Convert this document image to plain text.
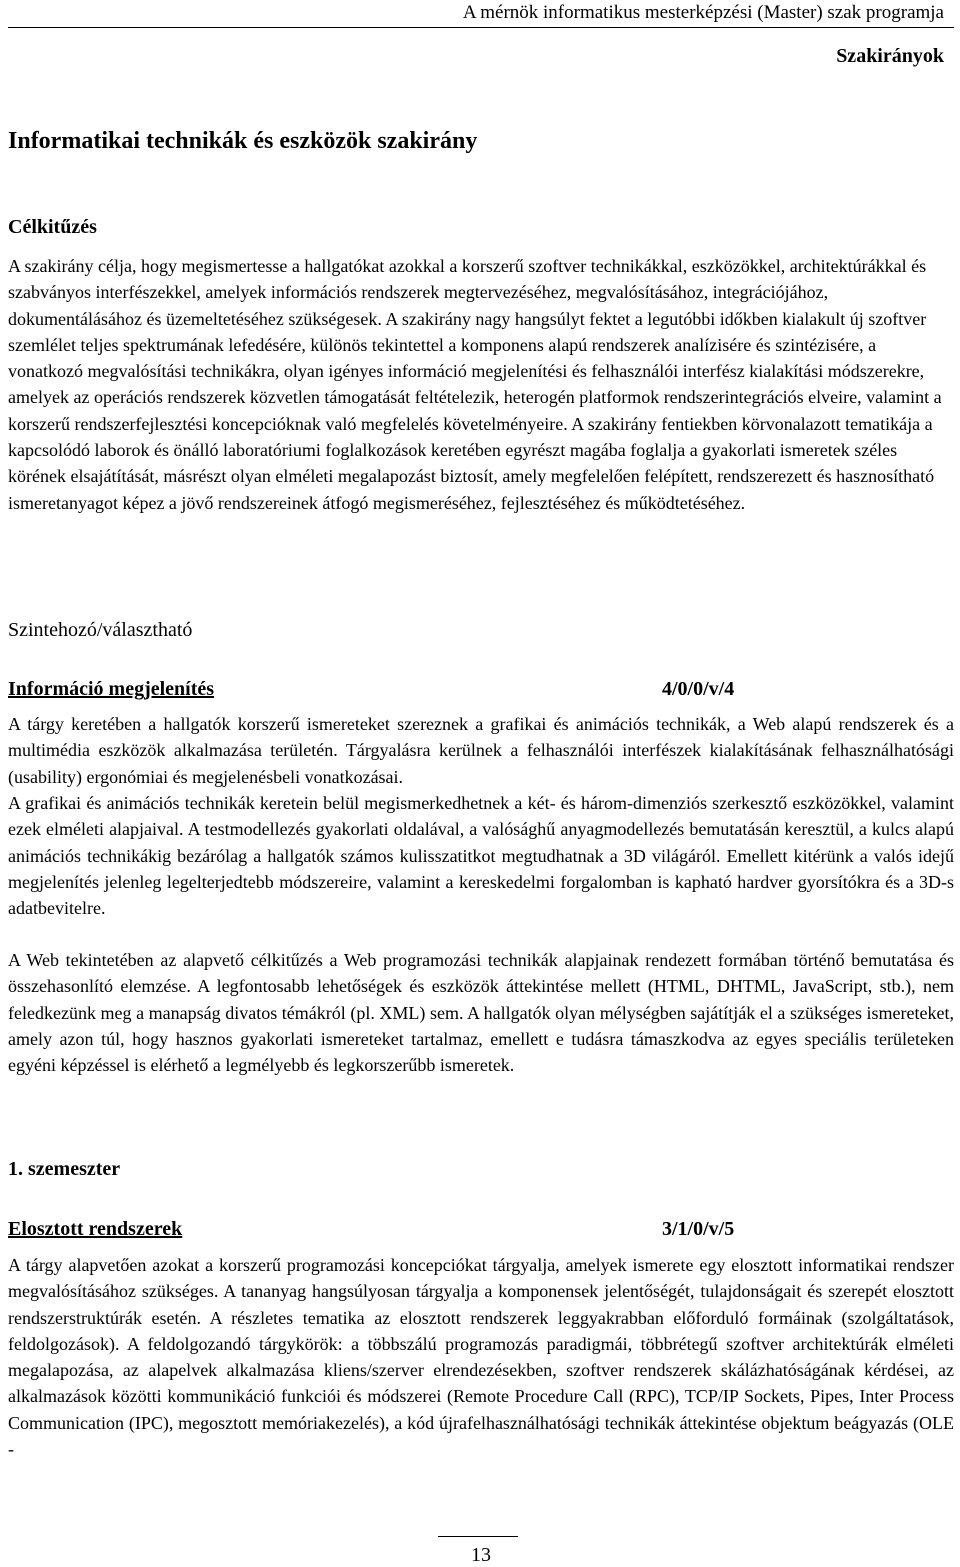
A mérnök informatikus mesterképzési (Master) szak programja
Szakirányok
Informatikai technikák és eszközök szakirány
Célkitűzés

A szakirány célja, hogy megismertesse a hallgatókat azokkal a korszerű szoftver technikákkal, eszközökkel, architektúrákkal és szabványos interfészekkel, amelyek információs rendszerek megtervezéséhez, megvalósításához, integrációjához, dokumentálásához és üzemeltetéséhez szükségesek. A szakirány nagy hangsúlyt fektet a legutóbbi időkben kialakult új szoftver szemlélet teljes spektrumának lefedésére, különös tekintettel a komponens alapú rendszerek analízisére és szintézisére, a vonatkozó megvalósítási technikákra, olyan igényes információ megjelenítési és felhasználói interfész kialakítási módszerekre, amelyek az operációs rendszerek közvetlen támogatását feltételezik, heterogén platformok rendszerintegrációs elveire, valamint a korszerű rendszerfejlesztési koncepcióknak való megfelelés követelményeire. A szakirány fentiekben körvonalazott tematikája a kapcsolódó laborok és önálló laboratóriumi foglalkozások keretében egyrészt magába foglalja a gyakorlati ismeretek széles körének elsajátítását, másrészt olyan elméleti megalapozást biztosít, amely megfelelően felépített, rendszerezett és hasznosítható ismeretanyagot képez a jövő rendszereinek átfogó megismeréséhez, fejlesztéséhez és működtetéséhez.

Szintehozó/választható
Információ megjelenítés	4/0/0/v/4

A tárgy keretében a hallgatók korszerű ismereteket szereznek a grafikai és animációs technikák, a Web alapú rendszerek és a multimédia eszközök alkalmazása területén. Tárgyalásra kerülnek a felhasználói interfészek kialakításának felhasználhatósági (usability) ergonómiai és megjelenésbeli vonatkozásai.

A grafikai és animációs technikák keretein belül megismerkedhetnek a két- és három-dimenziós szerkesztő eszközökkel, valamint ezek elméleti alapjaival. A testmodellezés gyakorlati oldalával, a valósághű anyagmodellezés bemutatásán keresztül, a kulcs alapú animációs technikákig bezárólag a hallgatók számos kulisszatitkot megtudhatnak a 3D világáról. Emellett kitérünk a valós idejű megjelenítés jelenleg legelterjedtebb módszereire, valamint a kereskedelmi forgalomban is kapható hardver gyorsítókra és a 3D-s adatbevitelre.

A Web tekintetében az alapvető célkitűzés a Web programozási technikák alapjainak rendezett formában történő bemutatása és összehasonlító elemzése. A legfontosabb lehetőségek és eszközök áttekintése mellett (HTML, DHTML, JavaScript, stb.), nem feledkezünk meg a manapság divatos témákról (pl. XML) sem. A hallgatók olyan mélységben sajátítják el a szükséges ismereteket, amely azon túl, hogy hasznos gyakorlati ismereteket tartalmaz, emellett e tudásra támaszkodva az egyes speciális területeken egyéni képzéssel is elérhető a legmélyebb és legkorszerűbb ismeretek.

1. szemeszter
Elosztott rendszerek	3/1/0/v/5

A tárgy alapvetően azokat a korszerű programozási koncepciókat tárgyalja, amelyek ismerete egy elosztott informatikai rendszer megvalósításához szükséges. A tananyag hangsúlyosan tárgyalja a komponensek jelentőségét, tulajdonságait és szerepét elosztott rendszerstruktúrák esetén. A részletes tematika az elosztott rendszerek leggyakrabban előforduló formáinak (szolgáltatások, feldolgozások). A feldolgozandó tárgykörök: a többszálú programozás paradigmái, többrétegű szoftver architektúrák elméleti megalapozása, az alapelvek alkalmazása kliens/szerver elrendezésekben, szoftver rendszerek skálázhatóságának kérdései, az alkalmazások közötti kommunikáció funkciói és módszerei (Remote Procedure Call (RPC), TCP/IP Sockets, Pipes, Inter Process Communication (IPC), megosztott memóriakezelés), a kód újrafelhasználhatósági technikák áttekintése objektum beágyazás (OLE -

13
